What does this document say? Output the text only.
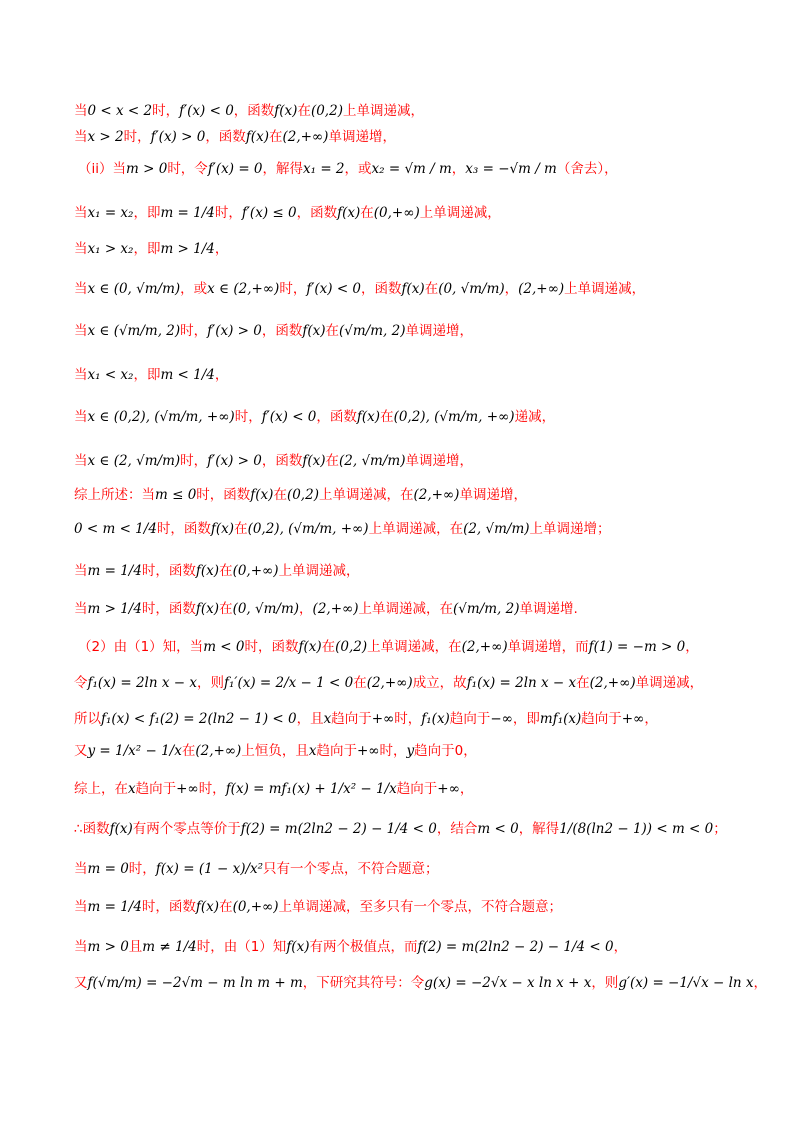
当0 < x < 2时，f′(x) < 0，函数f(x)在(0,2)上单调递减，
当x > 2时，f′(x) > 0，函数f(x)在(2,+∞)单调递增，
（ii）当m > 0时，令f′(x) = 0，解得x₁ = 2，或x₂ = √m / m，x₃ = −√m / m（舍去），
当x₁ = x₂，即m = 1/4时，f′(x) ≤ 0，函数f(x)在(0,+∞)上单调递减，
当x₁ > x₂，即m > 1/4，
当x ∈ (0, √m/m)，或x ∈ (2,+∞)时，f′(x) < 0，函数f(x)在(0, √m/m)，(2,+∞)上单调递减，
当x ∈ (√m/m, 2)时，f′(x) > 0，函数f(x)在(√m/m, 2)单调递增，
当x₁ < x₂，即m < 1/4，
当x ∈ (0,2), (√m/m, +∞)时，f′(x) < 0，函数f(x)在(0,2), (√m/m, +∞)递减，
当x ∈ (2, √m/m)时，f′(x) > 0，函数f(x)在(2, √m/m)单调递增，
综上所述：当m ≤ 0时，函数f(x)在(0,2)上单调递减，在(2,+∞)单调递增，
0 < m < 1/4时，函数f(x)在(0,2), (√m/m, +∞)上单调递减，在(2, √m/m)上单调递增；
当m = 1/4时，函数f(x)在(0,+∞)上单调递减，
当m > 1/4时，函数f(x)在(0, √m/m)，(2,+∞)上单调递减，在(√m/m, 2)单调递增.
（2）由（1）知，当m < 0时，函数f(x)在(0,2)上单调递减，在(2,+∞)单调递增，而f(1) = −m > 0，
令f₁(x) = 2ln x − x，则f₁′(x) = 2/x − 1 < 0在(2,+∞)成立，故f₁(x) = 2ln x − x在(2,+∞)单调递减，
所以f₁(x) < f₁(2) = 2(ln2 − 1) < 0，且x趋向于+∞时，f₁(x)趋向于−∞，即mf₁(x)趋向于+∞，
又y = 1/x² − 1/x在(2,+∞)上恒负，且x趋向于+∞时，y趋向于0，
综上，在x趋向于+∞时，f(x) = mf₁(x) + 1/x² − 1/x趋向于+∞，
∴函数f(x)有两个零点等价于f(2) = m(2ln2 − 2) − 1/4 < 0，结合m < 0，解得1/(8(ln2 − 1)) < m < 0；
当m = 0时，f(x) = (1 − x)/x²只有一个零点，不符合题意；
当m = 1/4时，函数f(x)在(0,+∞)上单调递减，至多只有一个零点，不符合题意；
当m > 0且m ≠ 1/4时，由（1）知f(x)有两个极值点，而f(2) = m(2ln2 − 2) − 1/4 < 0，
又f(√m/m) = −2√m − m ln m + m，下研究其符号：令g(x) = −2√x − x ln x + x，则g′(x) = −1/√x − ln x，
